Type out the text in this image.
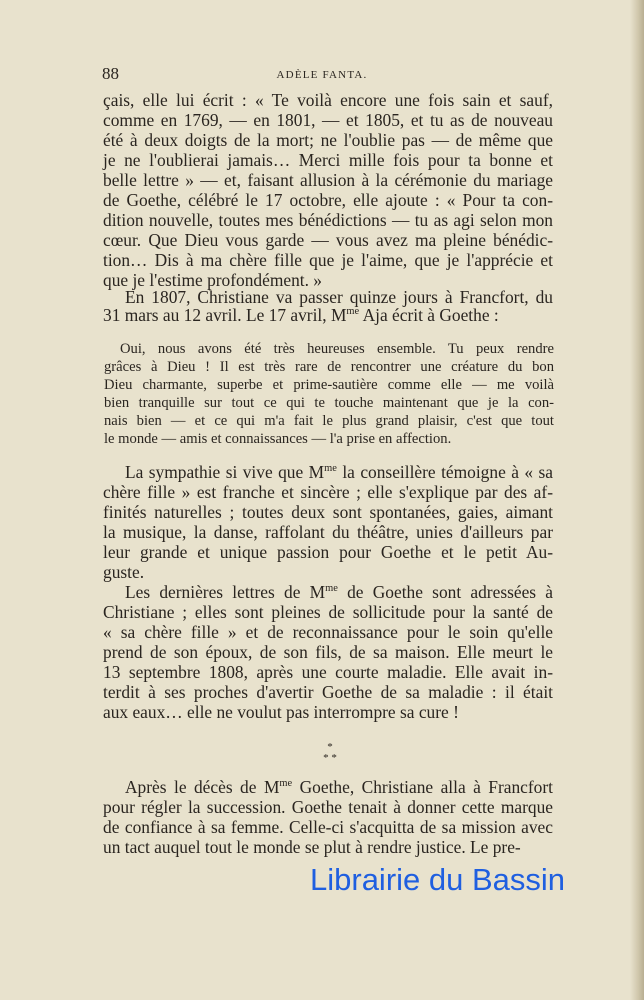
88	ADÈLE FANTA.
çais, elle lui écrit : « Te voilà encore une fois sain et sauf,
comme en 1769, — en 1801, — et 1805, et tu as de nouveau
été à deux doigts de la mort; ne l'oublie pas — de même que
je ne l'oublierai jamais… Merci mille fois pour ta bonne et
belle lettre » — et, faisant allusion à la cérémonie du mariage
de Goethe, célébré le 17 octobre, elle ajoute : « Pour ta con-
dition nouvelle, toutes mes bénédictions — tu as agi selon mon
cœur. Que Dieu vous garde — vous avez ma pleine bénédic-
tion… Dis à ma chère fille que je l'aime, que je l'apprécie et
que je l'estime profondément. »
En 1807, Christiane va passer quinze jours à Francfort, du
31 mars au 12 avril. Le 17 avril, $M^{me}$ Aja écrit à Goethe :
Oui, nous avons été très heureuses ensemble. Tu peux rendre
grâces à Dieu ! Il est très rare de rencontrer une créature du bon
Dieu charmante, superbe et prime-sautière comme elle — me voilà
bien tranquille sur tout ce qui te touche maintenant que je la con-
nais bien — et ce qui m'a fait le plus grand plaisir, c'est que tout
le monde — amis et connaissances — l'a prise en affection.
La sympathie si vive que $M^{me}$ la conseillère témoigne à « sa
chère fille » est franche et sincère ; elle s'explique par des af-
finités naturelles ; toutes deux sont spontanées, gaies, aimant
la musique, la danse, raffolant du théâtre, unies d'ailleurs par
leur grande et unique passion pour Goethe et le petit Au-
guste.
Les dernières lettres de $M^{me}$ de Goethe sont adressées à
Christiane ; elles sont pleines de sollicitude pour la santé de
« sa chère fille » et de reconnaissance pour le soin qu'elle
prend de son époux, de son fils, de sa maison. Elle meurt le
13 septembre 1808, après une courte maladie. Elle avait in-
terdit à ses proches d'avertir Goethe de sa maladie : il était
aux eaux… elle ne voulut pas interrompre sa cure !
Après le décès de $M^{me}$ Goethe, Christiane alla à Francfort
pour régler la succession. Goethe tenait à donner cette marque
de confiance à sa femme. Celle-ci s'acquitta de sa mission avec
un tact auquel tout le monde se plut à rendre justice. Le pre-
*
* *
Librairie du Bassin
